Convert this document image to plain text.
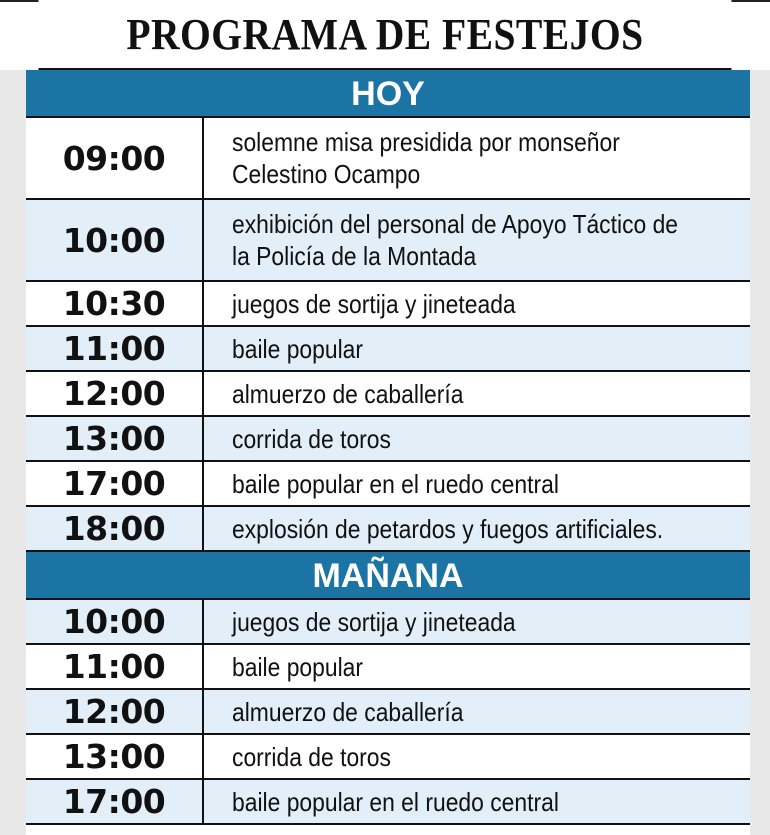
PROGRAMA DE FESTEJOS
HOY
09:00	solemne misa presidida por monseñor Celestino Ocampo
10:00	exhibición del personal de Apoyo Táctico de la Policía de la Montada
10:30	juegos de sortija y jineteada
11:00	baile popular
12:00	almuerzo de caballería
13:00	corrida de toros
17:00	baile popular en el ruedo central
18:00	explosión de petardos y fuegos artificiales.
MAÑANA
10:00	juegos de sortija y jineteada
11:00	baile popular
12:00	almuerzo de caballería
13:00	corrida de toros
17:00	baile popular en el ruedo central
